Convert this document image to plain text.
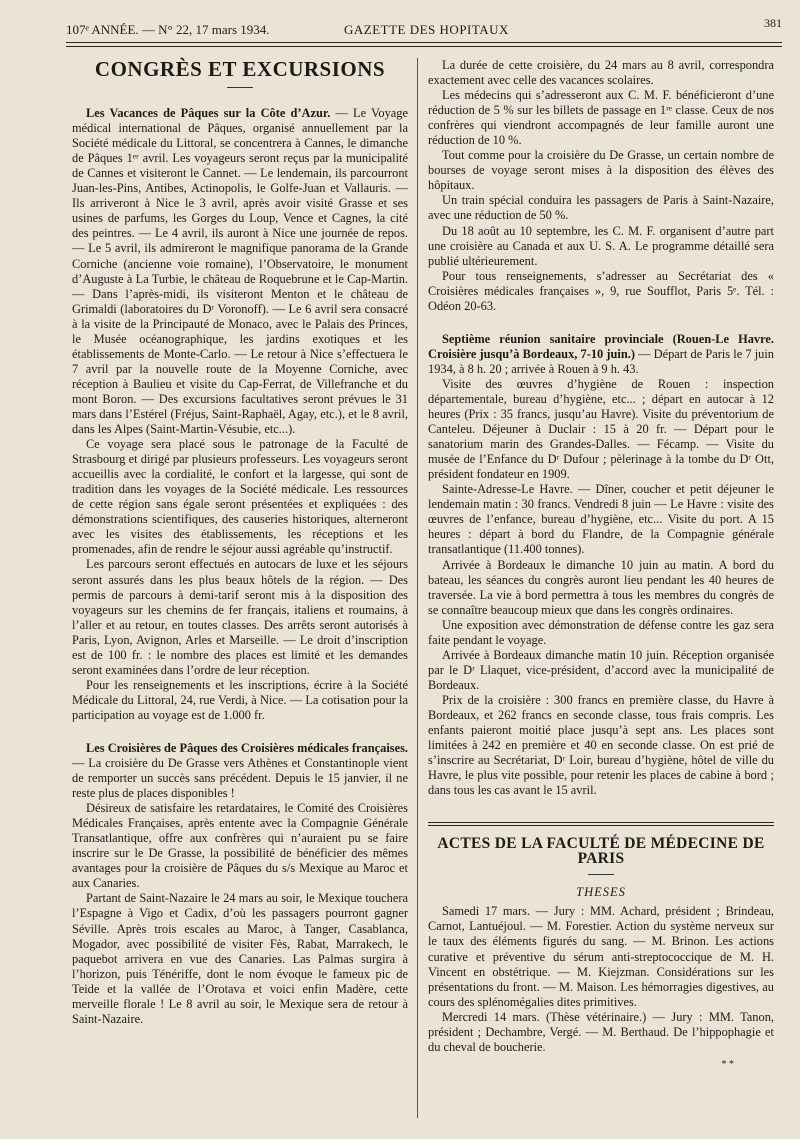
107ᵉ ANNÉE. — N° 22, 17 mars 1934.	GAZETTE DES HOPITAUX	381
CONGRÈS ET EXCURSIONS

Les Vacances de Pâques sur la Côte d’Azur. — Le Voyage médical international de Pâques, organisé annuellement par la Société médicale du Littoral, se concentrera à Cannes, le dimanche de Pâques 1ᵉʳ avril. Les voyageurs seront reçus par la municipalité de Cannes et visiteront le Cannet. — Le lendemain, ils parcourront Juan-les-Pins, Antibes, Actinopolis, le Golfe-Juan et Vallauris. — Ils arriveront à Nice le 3 avril, après avoir visité Grasse et ses usines de parfums, les Gorges du Loup, Vence et Cagnes, la cité des peintres. — Le 4 avril, ils auront à Nice une journée de repos. — Le 5 avril, ils admireront le magnifique panorama de la Grande Corniche (ancienne voie romaine), l’Observatoire, le monument d’Auguste à La Turbie, le château de Roquebrune et le Cap-Martin. — Dans l’après-midi, ils visiteront Menton et le château de Grimaldi (laboratoires du Dʳ Voronoff). — Le 6 avril sera consacré à la visite de la Principauté de Monaco, avec le Palais des Princes, le Musée océanographique, les jardins exotiques et les établissements de Monte-Carlo. — Le retour à Nice s’effectuera le 7 avril par la nouvelle route de la Moyenne Corniche, avec réception à Baulieu et visite du Cap-Ferrat, de Villefranche et du mont Boron. — Des excursions facultatives seront prévues le 31 mars dans l’Estérel (Fréjus, Saint-Raphaël, Agay, etc.), et le 8 avril, dans les Alpes (Saint-Martin-Vésubie, etc...).

Ce voyage sera placé sous le patronage de la Faculté de Strasbourg et dirigé par plusieurs professeurs. Les voyageurs seront accueillis avec la cordialité, le confort et la largesse, qui sont de tradition dans les voyages de la Société médicale. Les ressources de cette région sans égale seront présentées et expliquées : des démonstrations scientifiques, des causeries historiques, alterneront avec les visites des établissements, les réceptions et les promenades, afin de rendre le séjour aussi agréable qu’instructif.

Les parcours seront effectués en autocars de luxe et les séjours seront assurés dans les plus beaux hôtels de la région. — Des permis de parcours à demi-tarif seront mis à la disposition des voyageurs sur les chemins de fer français, italiens et roumains, à l’aller et au retour, en toutes classes. Des arrêts seront autorisés à Paris, Lyon, Avignon, Arles et Marseille. — Le droit d’inscription est de 100 fr. : le nombre des places est limité et les demandes seront examinées dans l’ordre de leur réception.

Pour les renseignements et les inscriptions, écrire à la Société Médicale du Littoral, 24, rue Verdi, à Nice. — La cotisation pour la participation au voyage est de 1.000 fr.

Les Croisières de Pâques des Croisières médicales françaises. — La croisière du De Grasse vers Athènes et Constantinople vient de remporter un succès sans précédent. Depuis le 15 janvier, il ne reste plus de places disponibles !

Désireux de satisfaire les retardataires, le Comité des Croisières Médicales Françaises, après entente avec la Compagnie Générale Transatlantique, offre aux confrères qui n’auraient pu se faire inscrire sur le De Grasse, la possibilité de bénéficier des mêmes avantages pour la croisière de Pâques du s/s Mexique au Maroc et aux Canaries.

Partant de Saint-Nazaire le 24 mars au soir, le Mexique touchera l’Espagne à Vigo et Cadix, d’où les passagers pourront gagner Séville. Après trois escales au Maroc, à Tanger, Casablanca, Mogador, avec possibilité de visiter Fès, Rabat, Marrakech, le paquebot arrivera en vue des Canaries. Las Palmas surgira à l’horizon, puis Ténériffe, dont le nom évoque le fameux pic de Teide et la vallée de l’Orotava et voici enfin Madère, cette merveille florale ! Le 8 avril au soir, le Mexique sera de retour à Saint-Nazaire.

La durée de cette croisière, du 24 mars au 8 avril, correspondra exactement avec celle des vacances scolaires.

Les médecins qui s’adresseront aux C. M. F. bénéficieront d’une réduction de 5 % sur les billets de passage en 1ʳᵉ classe. Ceux de nos confrères qui viendront accompagnés de leur famille auront une réduction de 10 %.

Tout comme pour la croisière du De Grasse, un certain nombre de bourses de voyage seront mises à la disposition des élèves des hôpitaux.

Un train spécial conduira les passagers de Paris à Saint-Nazaire, avec une réduction de 50 %.

Du 18 août au 10 septembre, les C. M. F. organisent d’autre part une croisière au Canada et aux U. S. A. Le programme détaillé sera publié ultérieurement.

Pour tous renseignements, s’adresser au Secrétariat des « Croisières médicales françaises », 9, rue Soufflot, Paris 5ᵉ. Tél. : Odéon 20-63.

Septième réunion sanitaire provinciale (Rouen-Le Havre. Croisière jusqu’à Bordeaux, 7-10 juin.) — Départ de Paris le 7 juin 1934, à 8 h. 20 ; arrivée à Rouen à 9 h. 43.

Visite des œuvres d’hygiène de Rouen : inspection départementale, bureau d’hygiène, etc... ; départ en autocar à 12 heures (Prix : 35 francs, jusqu’au Havre). Visite du préventorium de Canteleu. Déjeuner à Duclair : 15 à 20 fr. — Départ pour le sanatorium marin des Grandes-Dalles. — Fécamp. — Visite du musée de l’Enfance du Dʳ Dufour ; pèlerinage à la tombe du Dʳ Ott, président fondateur en 1909.

Sainte-Adresse-Le Havre. — Dîner, coucher et petit déjeuner le lendemain matin : 30 francs. Vendredi 8 juin — Le Havre : visite des œuvres de l’enfance, bureau d’hygiène, etc... Visite du port. A 15 heures : départ à bord du Flandre, de la Compagnie générale transatlantique (11.400 tonnes).

Arrivée à Bordeaux le dimanche 10 juin au matin. A bord du bateau, les séances du congrès auront lieu pendant les 40 heures de traversée. La vie à bord permettra à tous les membres du congrès de se connaître beaucoup mieux que dans les congrès ordinaires.

Une exposition avec démonstration de défense contre les gaz sera faite pendant le voyage.

Arrivée à Bordeaux dimanche matin 10 juin. Réception organisée par le Dʳ Llaquet, vice-président, d’accord avec la municipalité de Bordeaux.

Prix de la croisière : 300 francs en première classe, du Havre à Bordeaux, et 262 francs en seconde classe, tous frais compris. Les enfants paieront moitié place jusqu’à sept ans. Les places sont limitées à 242 en première et 40 en seconde classe. On est prié de s’inscrire au Secrétariat, Dʳ Loir, bureau d’hygiène, hôtel de ville du Havre, le plus vite possible, pour retenir les places de cabine à bord ; dans tous les cas avant le 15 avril.

ACTES DE LA FACULTÉ DE MÉDECINE DE PARIS
THESES

Samedi 17 mars. — Jury : MM. Achard, président ; Brindeau, Carnot, Lantuéjoul. — M. Forestier. Action du système nerveux sur le taux des éléments figurés du sang. — M. Brinon. Les actions curative et préventive du sérum anti-streptococcique de M. H. Vincent en obstétrique. — M. Kiejzman. Considérations sur les présentations du front. — M. Maison. Les hémorragies digestives, au cours des splénomégalies dites primitives.

Mercredi 14 mars. (Thèse vétérinaire.) — Jury : MM. Tanon, président ; Dechambre, Vergé. — M. Berthaud. De l’hippophagie et du cheval de boucherie.

* *
